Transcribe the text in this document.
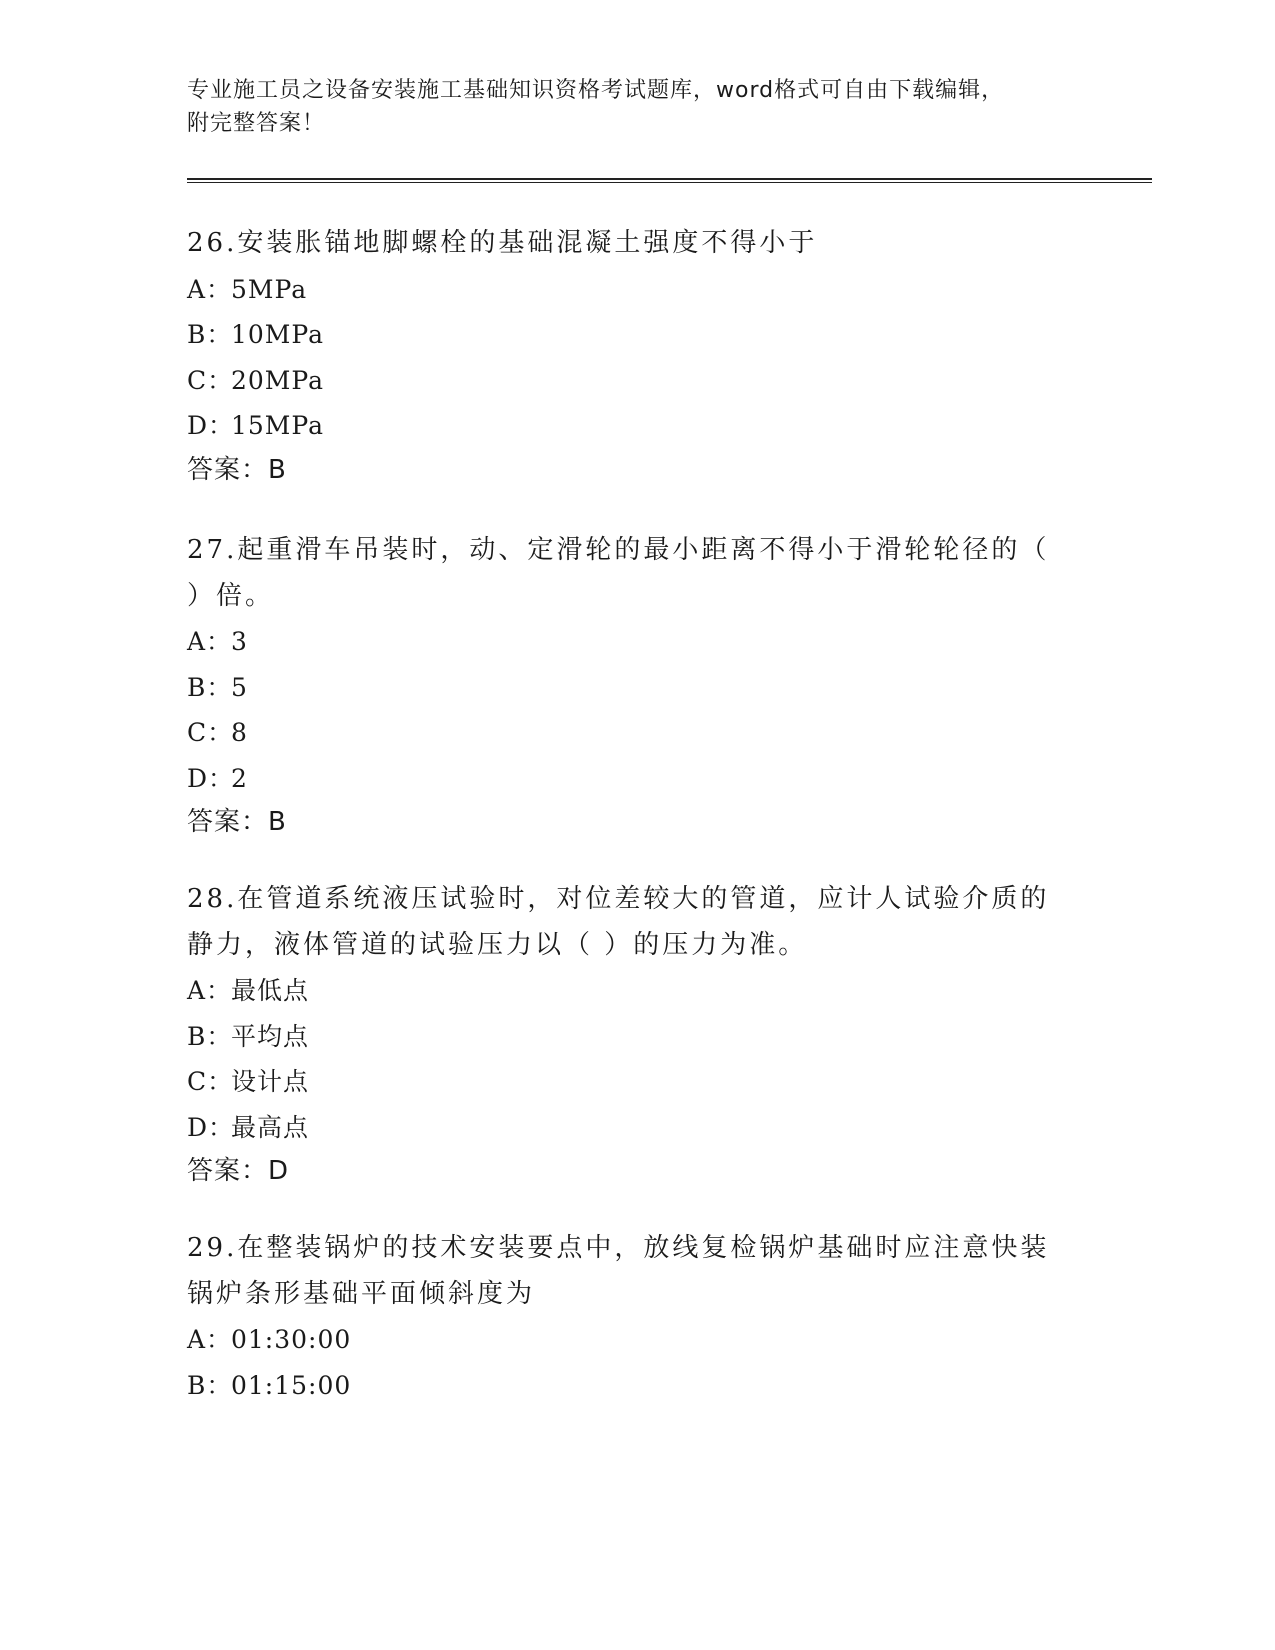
专业施工员之设备安装施工基础知识资格考试题库，word格式可自由下载编辑，
附完整答案！

26.安装胀锚地脚螺栓的基础混凝土强度不得小于

A：5MPa

B：10MPa

C：20MPa

D：15MPa

答案：B

27.起重滑车吊装时，动、定滑轮的最小距离不得小于滑轮轮径的（ ）倍。

A：3

B：5

C：8

D：2

答案：B

28.在管道系统液压试验时，对位差较大的管道，应计人试验介质的静力，液体管道的试验压力以（ ）的压力为准。

A：最低点

B：平均点

C：设计点

D：最高点

答案：D

29.在整装锅炉的技术安装要点中，放线复检锅炉基础时应注意快装锅炉条形基础平面倾斜度为

A：01:30:00

B：01:15:00
